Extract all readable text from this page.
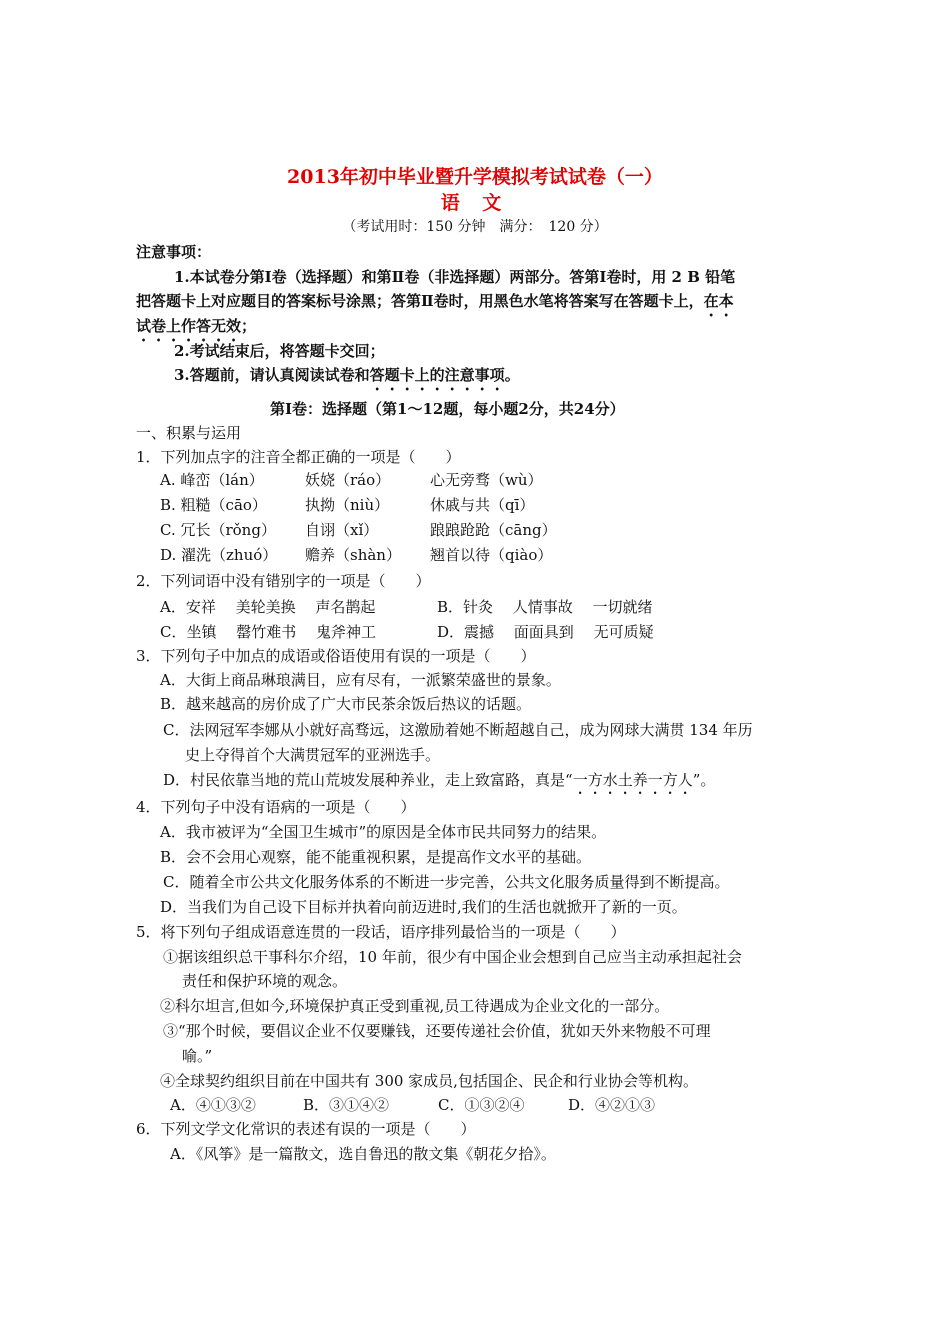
2013年初中毕业暨升学模拟考试试卷（一）
语 文
（考试用时：150 分钟　满分：　120 分）
注意事项：
1.本试卷分第Ⅰ卷（选择题）和第Ⅱ卷（非选择题）两部分。答第Ⅰ卷时，用 2 B 铅笔
把答题卡上对应题目的答案标号涂黑；答第Ⅱ卷时，用黑色水笔将答案写在答题卡上，在本
试卷上作答无效；
2.考试结束后，将答题卡交回；
3.答题前，请认真阅读试卷和答题卡上的注意事项。
第Ⅰ卷：选择题（第1～12题，每小题2分，共24分）
一、积累与运用
1．下列加点字的注音全都正确的一项是（　　）
A. 峰峦（lán）	妖娆（ráo）	心无旁骛（wù）
B. 粗糙（cāo）	执拗（niù）	休戚与共（qī）
C. 冗长（rǒng） 自诩（xǐ）	踉踉跄跄（cāng）
D. 濯洗（zhuó） 赡养（shàn） 翘首以待（qiào）
2．下列词语中没有错别字的一项是（　　）
A．安祥　 美轮美换　 声名鹊起	B．针灸　 人情事故　 一切就绪
C．坐镇　 罄竹难书　 鬼斧神工	D．震撼　 面面具到　 无可质疑
3．下列句子中加点的成语或俗语使用有误的一项是（　　）
A．大街上商品琳琅满目，应有尽有，一派繁荣盛世的景象。
B．越来越高的房价成了广大市民茶余饭后热议的话题。
C．法网冠军李娜从小就好高骛远，这激励着她不断超越自己，成为网球大满贯 134 年历
史上夺得首个大满贯冠军的亚洲选手。
D．村民依靠当地的荒山荒坡发展种养业，走上致富路，真是“一方水土养一方人”。
4．下列句子中没有语病的一项是（　　）
A．我市被评为“全国卫生城市”的原因是全体市民共同努力的结果。
B．会不会用心观察，能不能重视积累，是提高作文水平的基础。
C．随着全市公共文化服务体系的不断进一步完善，公共文化服务质量得到不断提高。
D．当我们为自己设下目标并执着向前迈进时,我们的生活也就掀开了新的一页。
5．将下列句子组成语意连贯的一段话，语序排列最恰当的一项是（　　）
①据该组织总干事科尔介绍，10 年前，很少有中国企业会想到自己应当主动承担起社会
责任和保护环境的观念。
②科尔坦言,但如今,环境保护真正受到重视,员工待遇成为企业文化的一部分。
③“那个时候，要倡议企业不仅要赚钱，还要传递社会价值，犹如天外来物般不可理
喻。”
④全球契约组织目前在中国共有 300 家成员,包括国企、民企和行业协会等机构。
A．④①③②	B．③①④②	C．①③②④	D．④②①③
6．下列文学文化常识的表述有误的一项是（　　）
A．《风筝》是一篇散文，选自鲁迅的散文集《朝花夕拾》。
